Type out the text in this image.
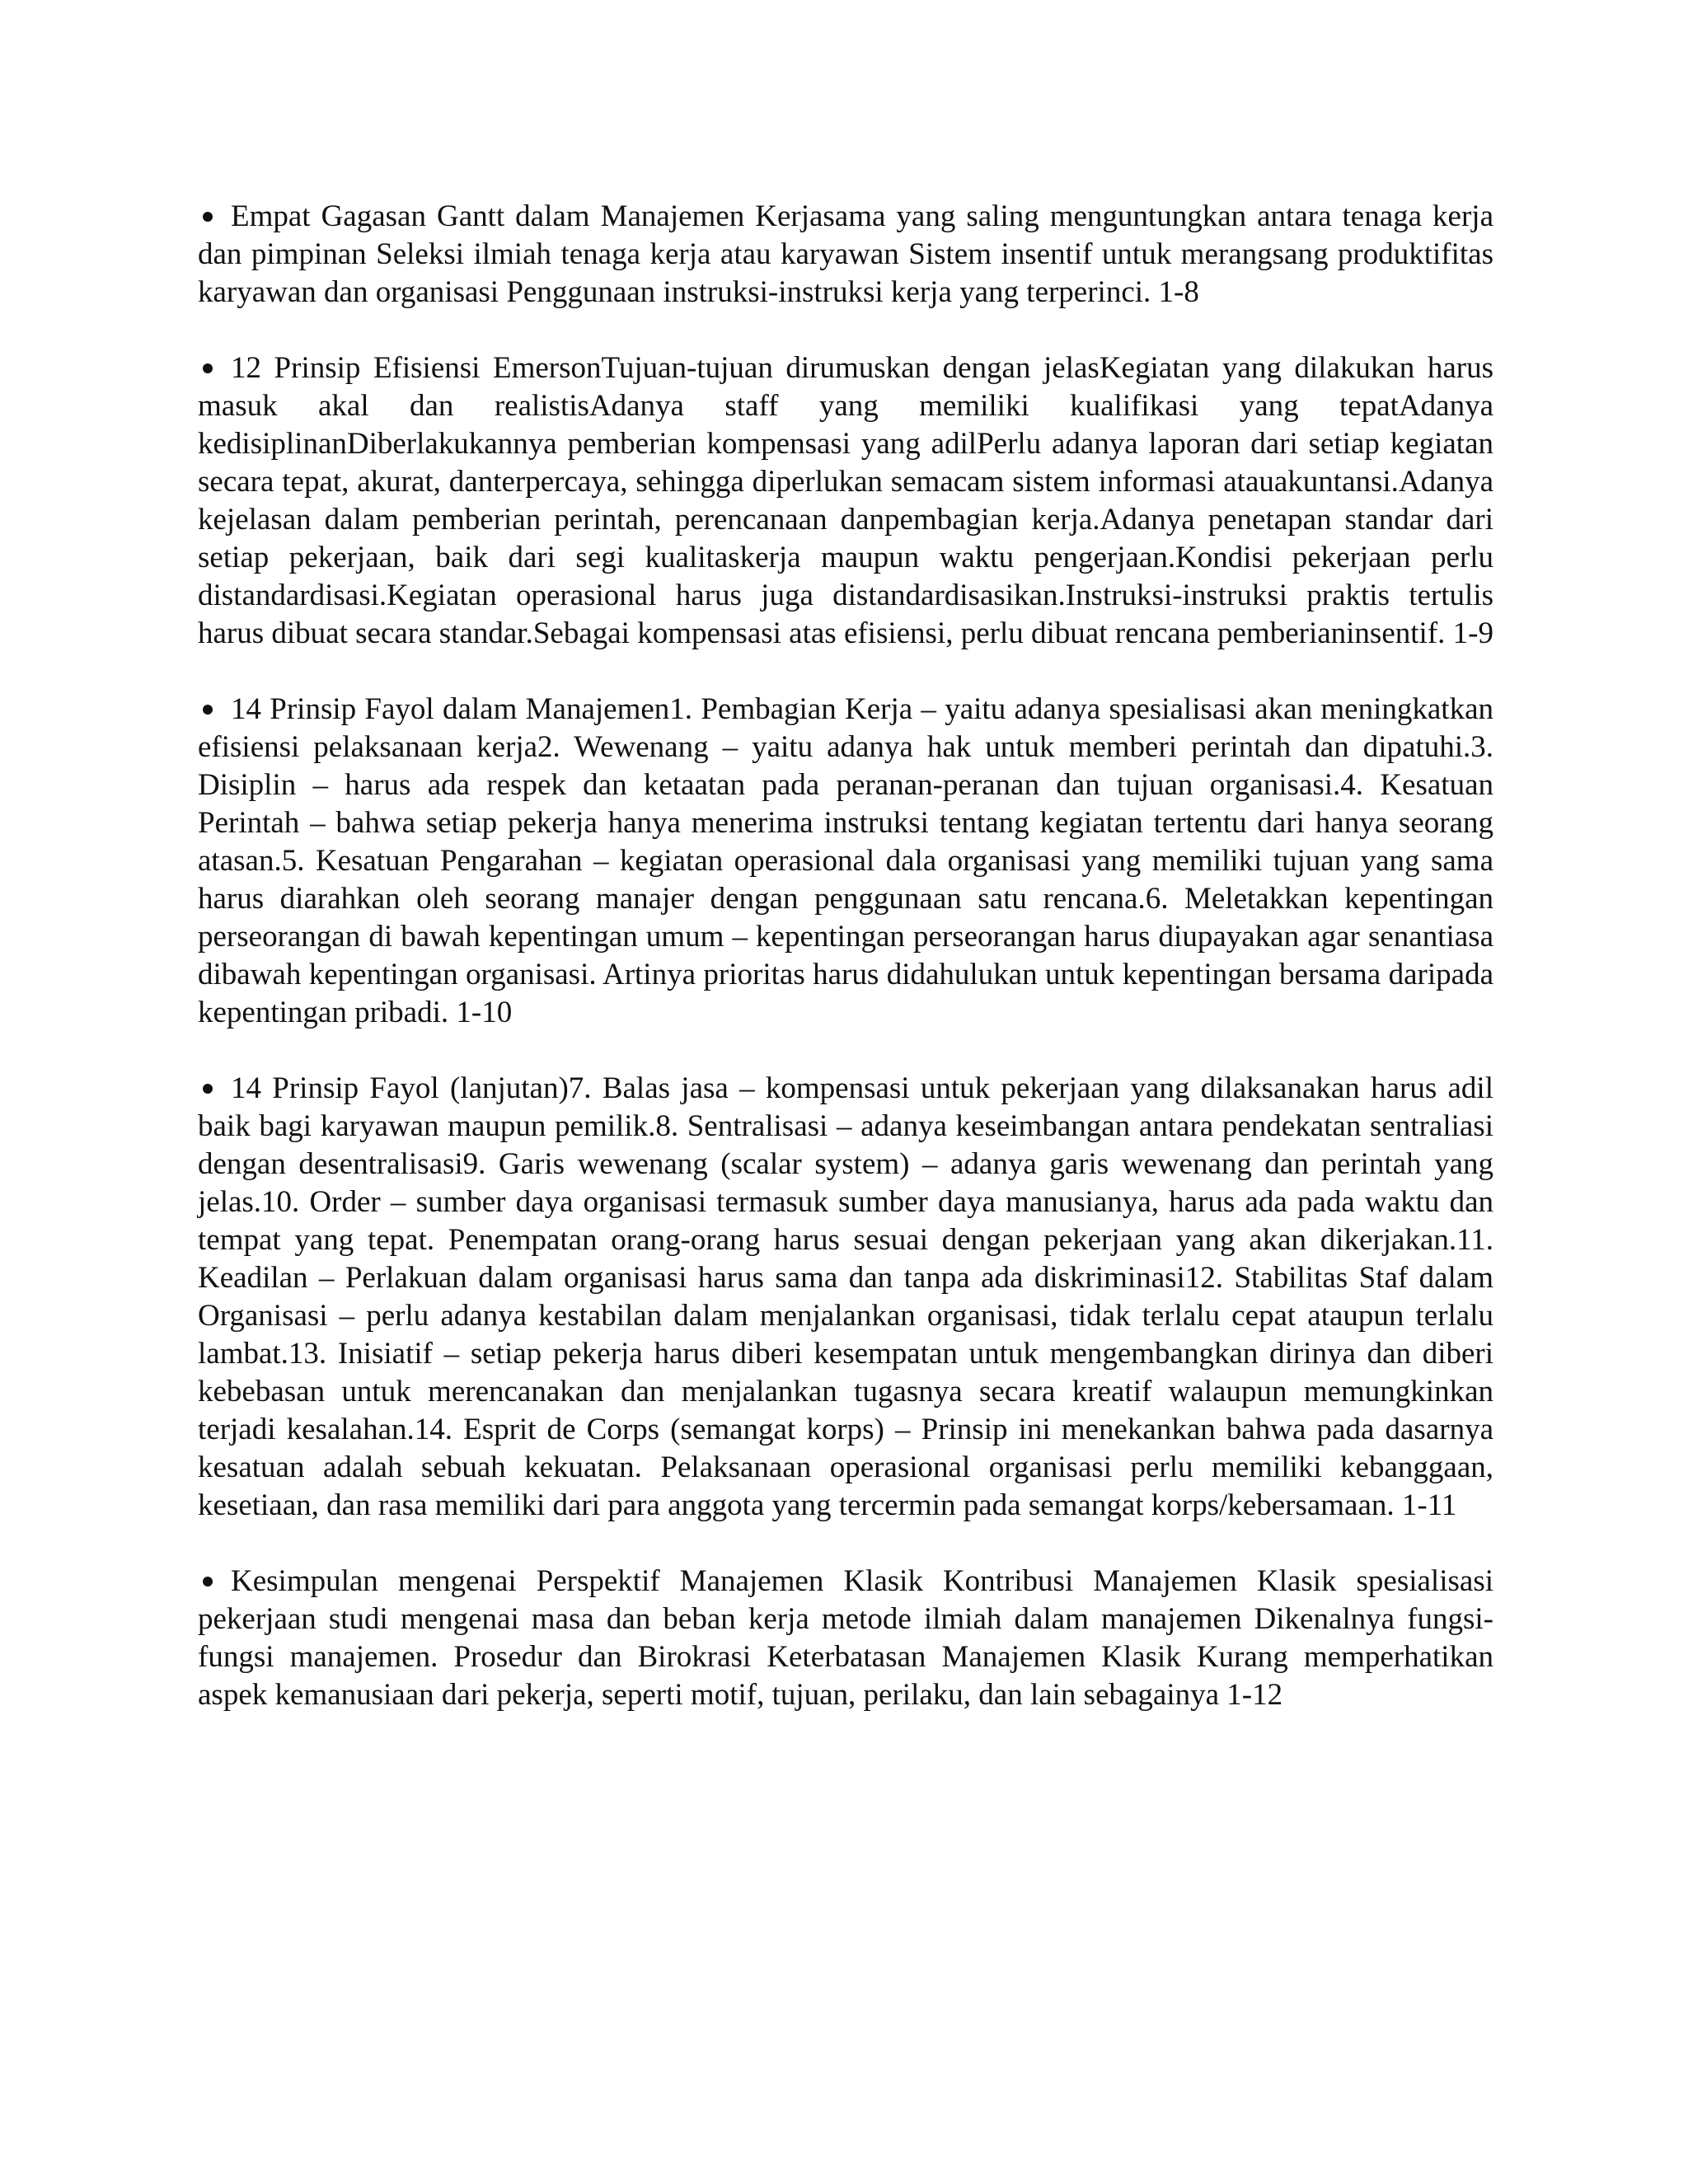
Empat Gagasan Gantt dalam Manajemen Kerjasama yang saling menguntungkan antara tenaga kerja dan pimpinan Seleksi ilmiah tenaga kerja atau karyawan Sistem insentif untuk merangsang produktifitas karyawan dan organisasi Penggunaan instruksi-instruksi kerja yang terperinci. 1-8

12 Prinsip Efisiensi EmersonTujuan-tujuan dirumuskan dengan jelasKegiatan yang dilakukan harus masuk akal dan realistisAdanya staff yang memiliki kualifikasi yang tepatAdanya kedisiplinanDiberlakukannya pemberian kompensasi yang adilPerlu adanya laporan dari setiap kegiatan secara tepat, akurat, danterpercaya, sehingga diperlukan semacam sistem informasi atauakuntansi.Adanya kejelasan dalam pemberian perintah, perencanaan danpembagian kerja.Adanya penetapan standar dari setiap pekerjaan, baik dari segi kualitaskerja maupun waktu pengerjaan.Kondisi pekerjaan perlu distandardisasi.Kegiatan operasional harus juga distandardisasikan.Instruksi-instruksi praktis tertulis harus dibuat secara standar.Sebagai kompensasi atas efisiensi, perlu dibuat rencana pemberianinsentif. 1-9

14 Prinsip Fayol dalam Manajemen1. Pembagian Kerja – yaitu adanya spesialisasi akan meningkatkan efisiensi pelaksanaan kerja2. Wewenang – yaitu adanya hak untuk memberi perintah dan dipatuhi.3. Disiplin – harus ada respek dan ketaatan pada peranan-peranan dan tujuan organisasi.4. Kesatuan Perintah – bahwa setiap pekerja hanya menerima instruksi tentang kegiatan tertentu dari hanya seorang atasan.5. Kesatuan Pengarahan – kegiatan operasional dala organisasi yang memiliki tujuan yang sama harus diarahkan oleh seorang manajer dengan penggunaan satu rencana.6. Meletakkan kepentingan perseorangan di bawah kepentingan umum – kepentingan perseorangan harus diupayakan agar senantiasa dibawah kepentingan organisasi. Artinya prioritas harus didahulukan untuk kepentingan bersama daripada kepentingan pribadi. 1-10

14 Prinsip Fayol (lanjutan)7. Balas jasa – kompensasi untuk pekerjaan yang dilaksanakan harus adil baik bagi karyawan maupun pemilik.8. Sentralisasi – adanya keseimbangan antara pendekatan sentraliasi dengan desentralisasi9. Garis wewenang (scalar system) – adanya garis wewenang dan perintah yang jelas.10. Order – sumber daya organisasi termasuk sumber daya manusianya, harus ada pada waktu dan tempat yang tepat. Penempatan orang-orang harus sesuai dengan pekerjaan yang akan dikerjakan.11. Keadilan – Perlakuan dalam organisasi harus sama dan tanpa ada diskriminasi12. Stabilitas Staf dalam Organisasi – perlu adanya kestabilan dalam menjalankan organisasi, tidak terlalu cepat ataupun terlalu lambat.13. Inisiatif – setiap pekerja harus diberi kesempatan untuk mengembangkan dirinya dan diberi kebebasan untuk merencanakan dan menjalankan tugasnya secara kreatif walaupun memungkinkan terjadi kesalahan.14. Esprit de Corps (semangat korps) – Prinsip ini menekankan bahwa pada dasarnya kesatuan adalah sebuah kekuatan. Pelaksanaan operasional organisasi perlu memiliki kebanggaan, kesetiaan, dan rasa memiliki dari para anggota yang tercermin pada semangat korps/kebersamaan. 1-11

Kesimpulan mengenai Perspektif Manajemen Klasik Kontribusi Manajemen Klasik spesialisasi pekerjaan studi mengenai masa dan beban kerja metode ilmiah dalam manajemen Dikenalnya fungsi-fungsi manajemen. Prosedur dan Birokrasi Keterbatasan Manajemen Klasik Kurang memperhatikan aspek kemanusiaan dari pekerja, seperti motif, tujuan, perilaku, dan lain sebagainya 1-12
